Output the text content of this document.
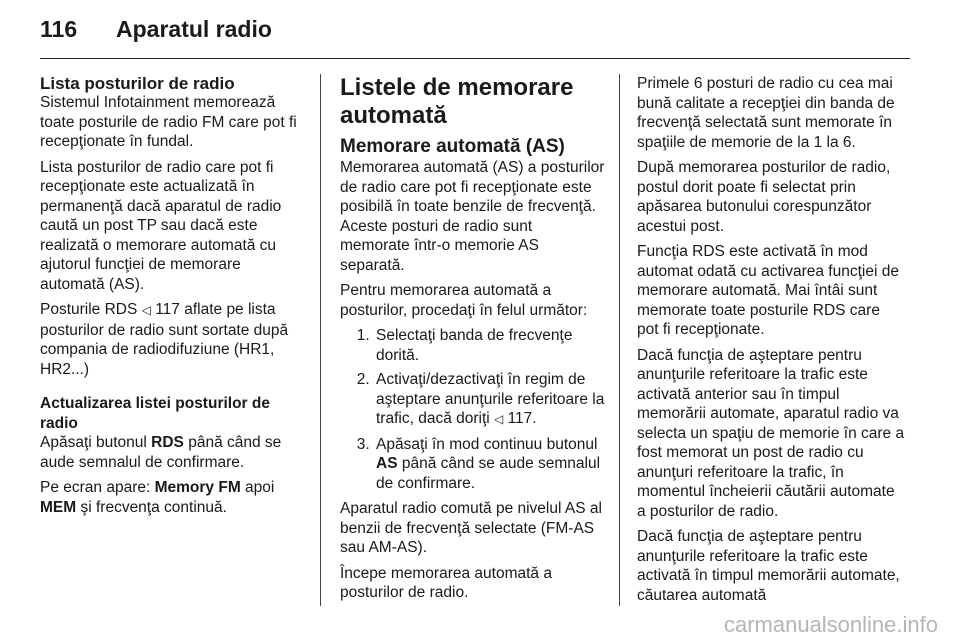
116 Aparatul radio
Lista posturilor de radio

Sistemul Infotainment memorează toate posturile de radio FM care pot fi recepţionate în fundal.

Lista posturilor de radio care pot fi recepţionate este actualizată în permanenţă dacă aparatul de radio caută un post TP sau dacă este realizată o memorare automată cu ajutorul funcţiei de memorare automată (AS).

Posturile RDS ◁ 117 aflate pe lista posturilor de radio sunt sortate după compania de radiodifuziune (HR1, HR2...)

Actualizarea listei posturilor de radio

Apăsaţi butonul RDS până când se aude semnalul de confirmare.

Pe ecran apare: Memory FM apoi MEM şi frecvenţa continuă.

Listele de memorare automată
Memorare automată (AS)

Memorarea automată (AS) a posturilor de radio care pot fi recepţionate este posibilă în toate benzile de frecvenţă. Aceste posturi de radio sunt memorate într-o memorie AS separată.

Pentru memorarea automată a posturilor, procedaţi în felul următor:

1. Selectaţi banda de frecvenţe dorită.
2. Activaţi/dezactivaţi în regim de aşteptare anunţurile referitoare la trafic, dacă doriţi ◁ 117.
3. Apăsaţi în mod continuu butonul AS până când se aude semnalul de confirmare.

Aparatul radio comută pe nivelul AS al benzii de frecvenţă selectate (FM-AS sau AM-AS).

Începe memorarea automată a posturilor de radio.

Primele 6 posturi de radio cu cea mai bună calitate a recepţiei din banda de frecvenţă selectată sunt memorate în spaţiile de memorie de la 1 la 6.

După memorarea posturilor de radio, postul dorit poate fi selectat prin apăsarea butonului corespunzător acestui post.

Funcţia RDS este activată în mod automat odată cu activarea funcţiei de memorare automată. Mai întâi sunt memorate toate posturile RDS care pot fi recepţionate.

Dacă funcţia de aşteptare pentru anunţurile referitoare la trafic este activată anterior sau în timpul memorării automate, aparatul radio va selecta un spaţiu de memorie în care a fost memorat un post de radio cu anunţuri referitoare la trafic, în momentul încheierii căutării automate a posturilor de radio.

Dacă funcţia de aşteptare pentru anunţurile referitoare la trafic este activată în timpul memorării automate, căutarea automată

carmanualsonline.info
